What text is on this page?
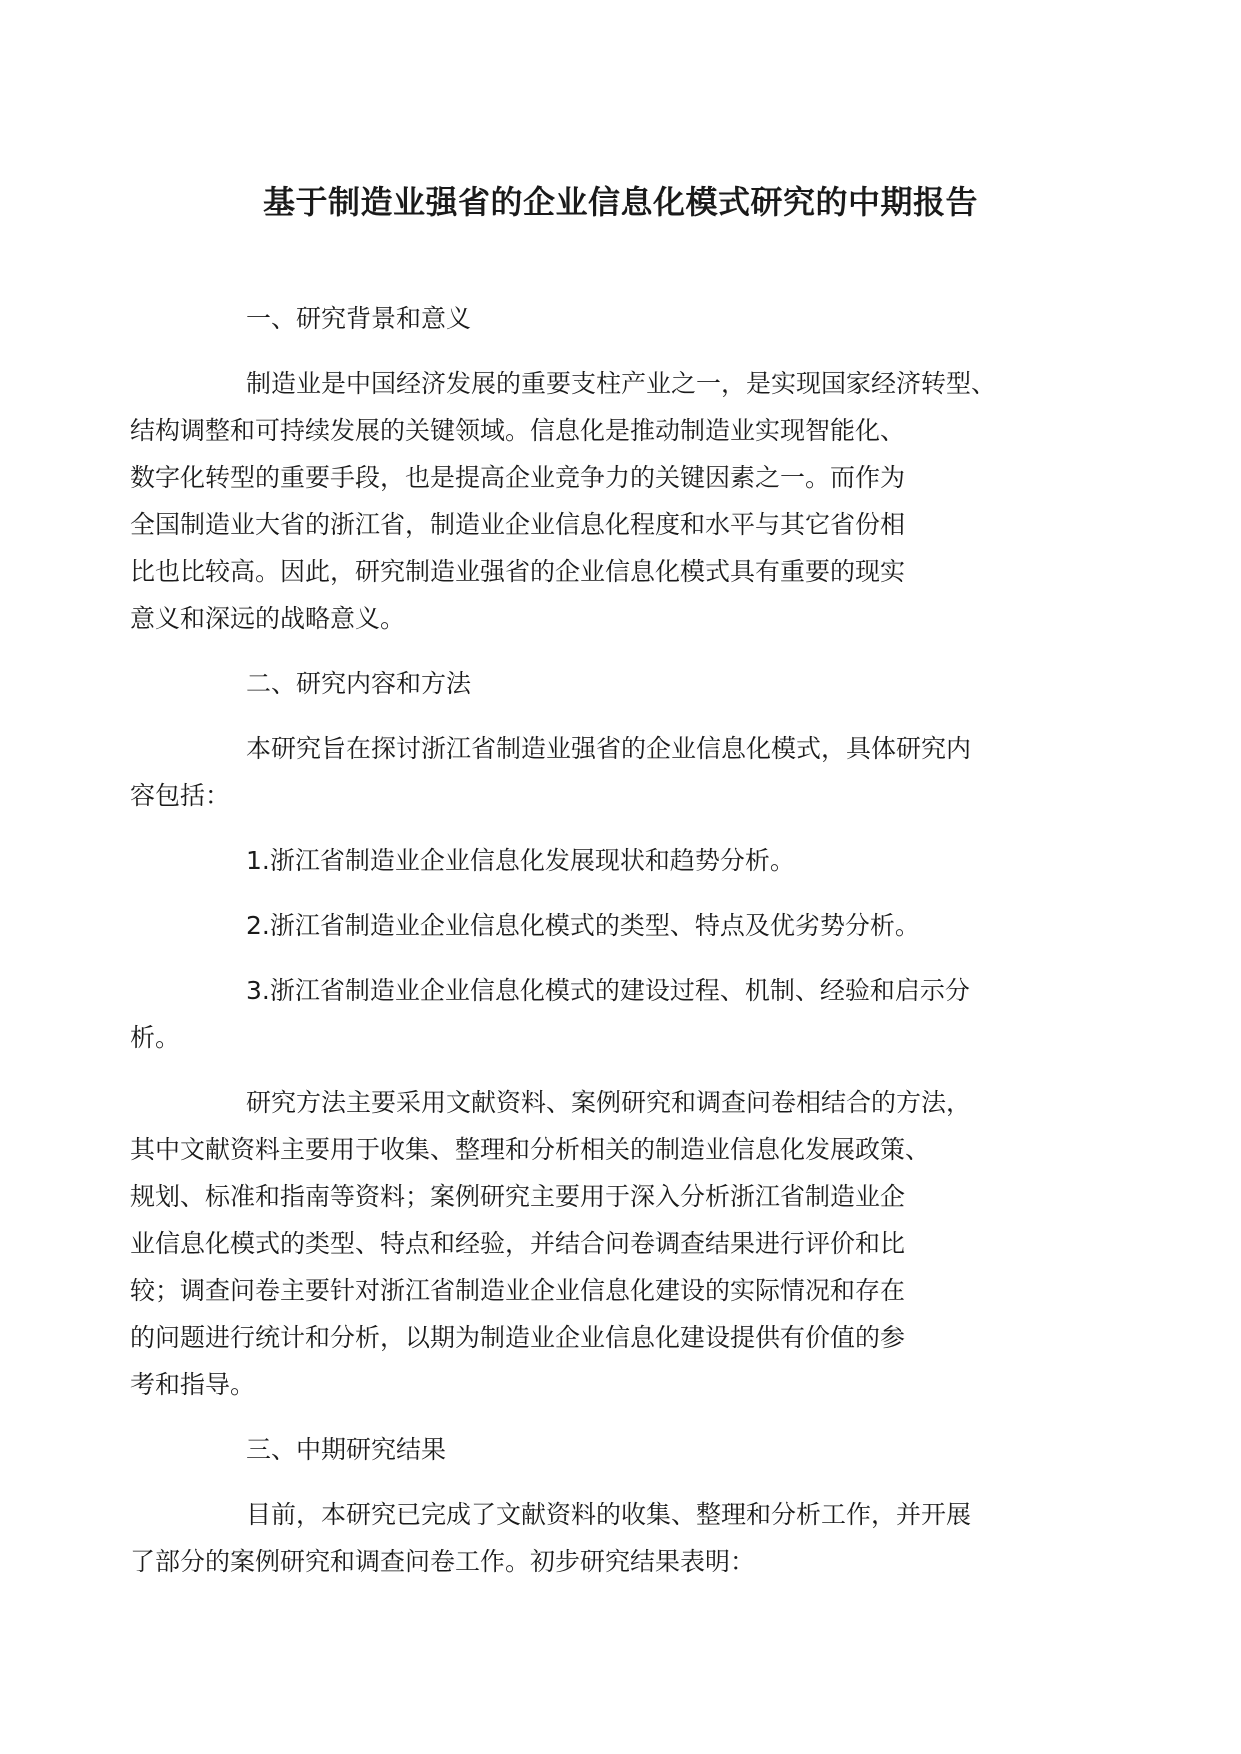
基于制造业强省的企业信息化模式研究的中期报告

一、研究背景和意义

制造业是中国经济发展的重要支柱产业之一，是实现国家经济转型、
结构调整和可持续发展的关键领域。信息化是推动制造业实现智能化、
数字化转型的重要手段，也是提高企业竞争力的关键因素之一。而作为
全国制造业大省的浙江省，制造业企业信息化程度和水平与其它省份相
比也比较高。因此，研究制造业强省的企业信息化模式具有重要的现实
意义和深远的战略意义。

二、研究内容和方法

本研究旨在探讨浙江省制造业强省的企业信息化模式，具体研究内
容包括：

1.浙江省制造业企业信息化发展现状和趋势分析。

2.浙江省制造业企业信息化模式的类型、特点及优劣势分析。

3.浙江省制造业企业信息化模式的建设过程、机制、经验和启示分
析。

研究方法主要采用文献资料、案例研究和调查问卷相结合的方法，
其中文献资料主要用于收集、整理和分析相关的制造业信息化发展政策、
规划、标准和指南等资料；案例研究主要用于深入分析浙江省制造业企
业信息化模式的类型、特点和经验，并结合问卷调查结果进行评价和比
较；调查问卷主要针对浙江省制造业企业信息化建设的实际情况和存在
的问题进行统计和分析，以期为制造业企业信息化建设提供有价值的参
考和指导。

三、中期研究结果

目前，本研究已完成了文献资料的收集、整理和分析工作，并开展
了部分的案例研究和调查问卷工作。初步研究结果表明：
